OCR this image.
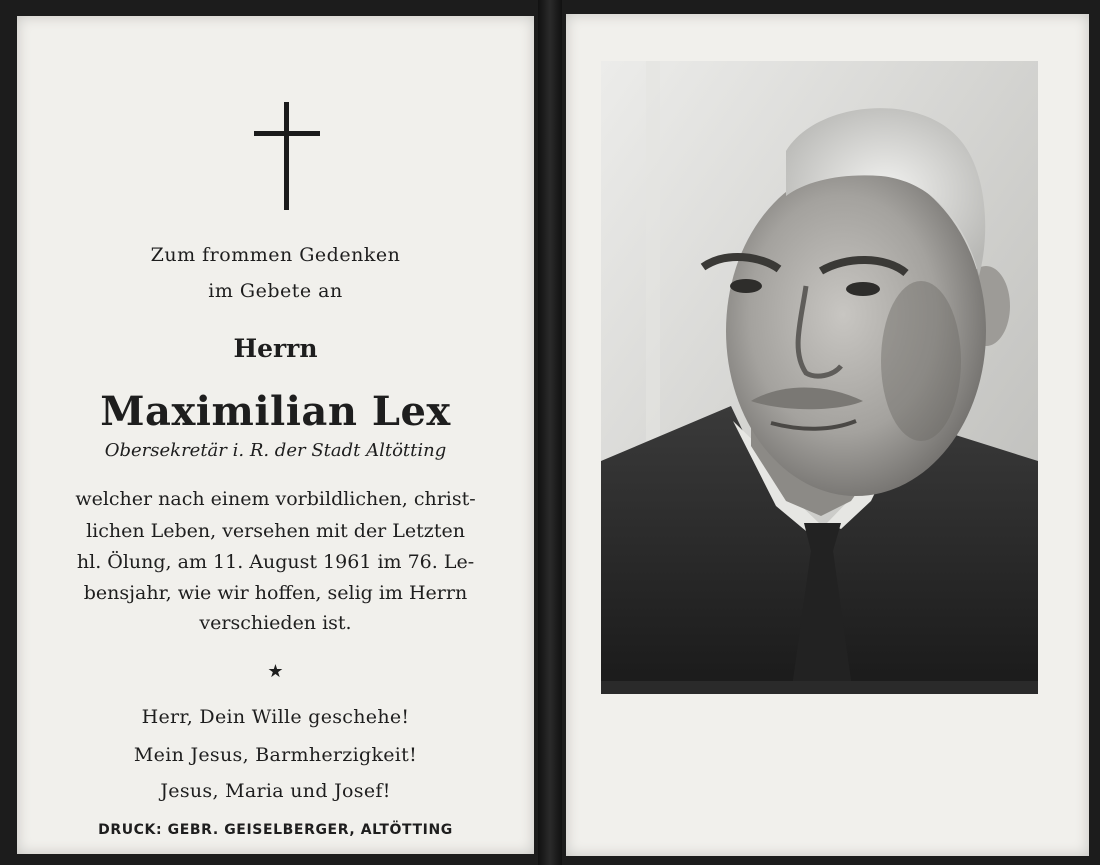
Zum frommen Gedenken
im Gebete an
Herrn
Maximilian Lex
Obersekretär i. R. der Stadt Altötting
welcher nach einem vorbildlichen, christ-
lichen Leben, versehen mit der Letzten
hl. Ölung, am 11. August 1961 im 76. Le-
bensjahr, wie wir hoffen, selig im Herrn
verschieden ist.
★
Herr, Dein Wille geschehe!
Mein Jesus, Barmherzigkeit!
Jesus, Maria und Josef!
DRUCK: GEBR. GEISELBERGER, ALTÖTTING
